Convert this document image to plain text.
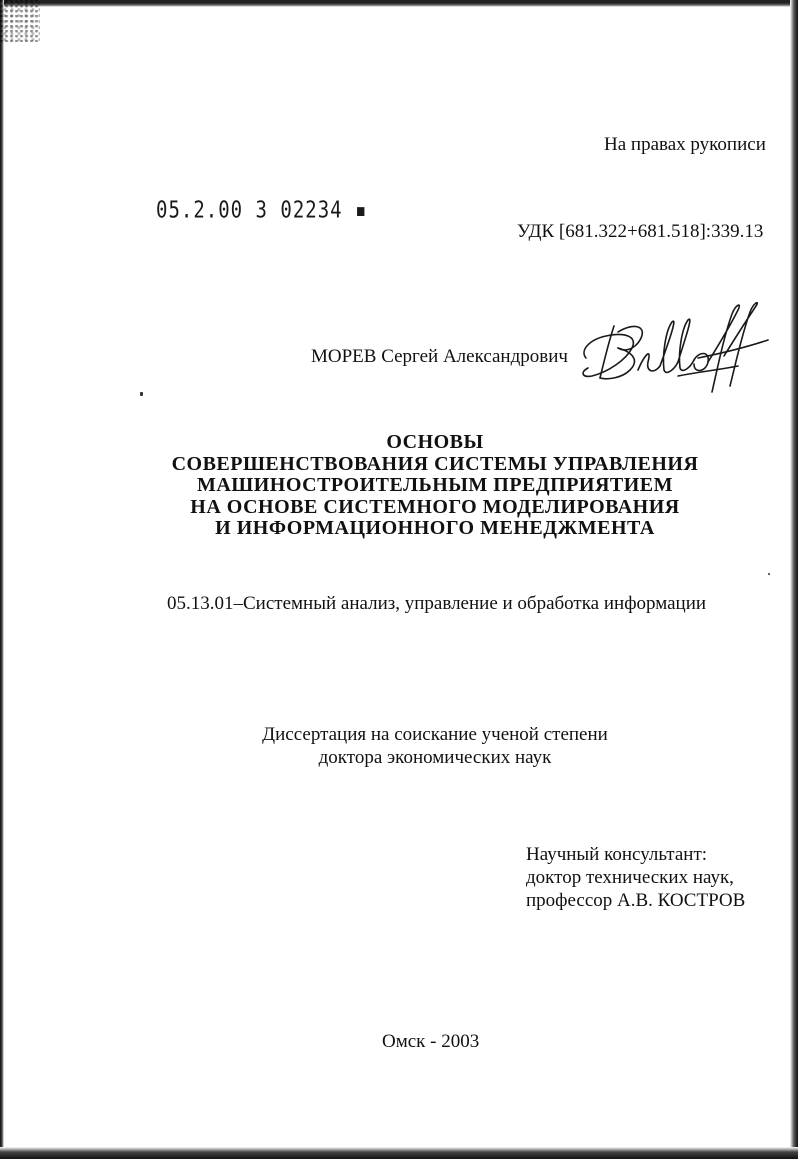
На правах рукописи
05.2.00 3 02234 ▪
УДК [681.322+681.518]:339.13
МОРЕВ Сергей Александрович
ОСНОВЫ
СОВЕРШЕНСТВОВАНИЯ СИСТЕМЫ УПРАВЛЕНИЯ
МАШИНОСТРОИТЕЛЬНЫМ ПРЕДПРИЯТИЕМ
НА ОСНОВЕ СИСТЕМНОГО МОДЕЛИРОВАНИЯ
И ИНФОРМАЦИОННОГО МЕНЕДЖМЕНТА
05.13.01–Системный анализ, управление и обработка информации
Диссертация на соискание ученой степени
доктора экономических наук
Научный консультант:
доктор технических наук,
профессор А.В. КОСТРОВ
Омск - 2003
